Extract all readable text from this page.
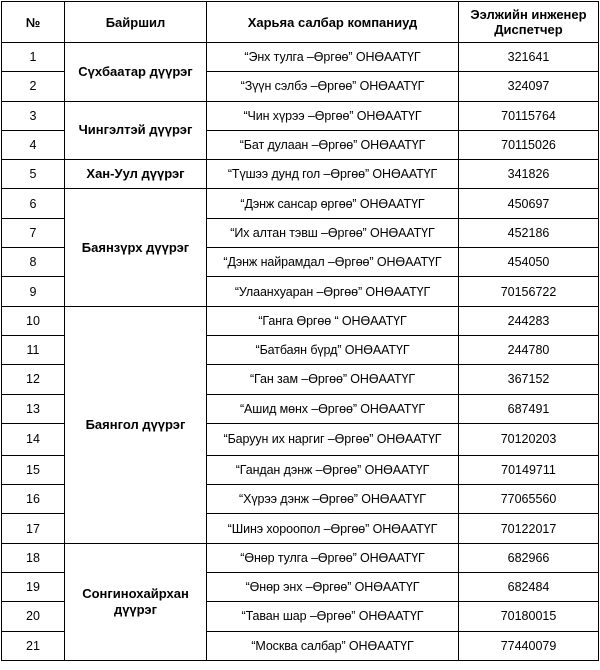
№	Байршил	Харьяа салбар компаниуд	Ээлжийн инженер Диспетчер
1	Сүхбаатар дүүрэг	“Энх тулга –Өргөө” ОНӨААТҮГ	321641
2		“Зүүн сэлбэ –Өргөө” ОНӨААТҮГ	324097
3	Чингэлтэй дүүрэг	“Чин хүрээ –Өргөө” ОНӨААТҮГ	70115764
4		“Бат дулаан –Өргөө” ОНӨААТҮГ	70115026
5	Хан-Уул дүүрэг	“Түшээ дунд гол –Өргөө” ОНӨААТҮГ	341826
6	Баянзүрх дүүрэг	“Дэнж сансар өргөө” ОНӨААТҮГ	450697
7		“Их алтан тэвш –Өргөө” ОНӨААТҮГ	452186
8		“Дэнж найрамдал –Өргөө” ОНӨААТҮГ	454050
9		“Улаанхуаран –Өргөө” ОНӨААТҮГ	70156722
10	Баянгол дүүрэг	“Ганга Өргөө “ ОНӨААТҮГ	244283
11		“Батбаян бүрд” ОНӨААТҮГ	244780
12		“Ган зам –Өргөө” ОНӨААТҮГ	367152
13		“Ашид мөнх –Өргөө” ОНӨААТҮГ	687491
14		“Баруун их наргиг –Өргөө” ОНӨААТҮГ	70120203
15		“Гандан дэнж –Өргөө” ОНӨААТҮГ	70149711
16		“Хүрээ дэнж –Өргөө” ОНӨААТҮГ	77065560
17		“Шинэ хороопол –Өргөө” ОНӨААТҮГ	70122017
18	Сонгинохайрхан дүүрэг	“Өнөр тулга –Өргөө” ОНӨААТҮГ	682966
19		“Өнөр энх –Өргөө” ОНӨААТҮГ	682484
20		“Таван шар –Өргөө” ОНӨААТҮГ	70180015
21		“Москва салбар” ОНӨААТҮГ	77440079
